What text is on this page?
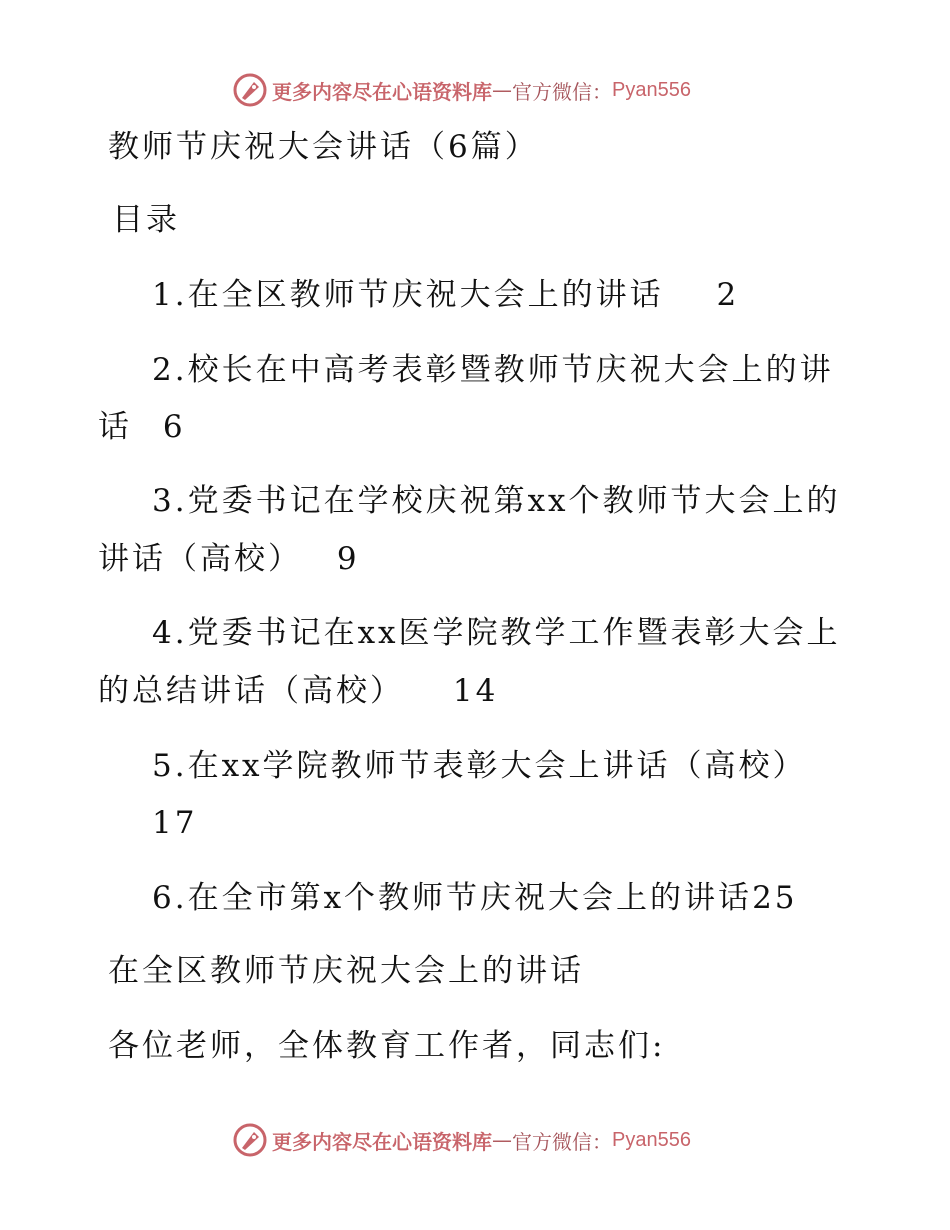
更多内容尽在心语资料库 — 官方微信： Pyan556
教师节庆祝大会讲话（6篇）
目录
1.在全区教师节庆祝大会上的讲话 2
2.校长在中高考表彰暨教师节庆祝大会上的讲
话 6
3.党委书记在学校庆祝第xx个教师节大会上的
讲话（高校） 9
4.党委书记在xx医学院教学工作暨表彰大会上
的总结讲话（高校） 14
5.在xx学院教师节表彰大会上讲话（高校）
17
6.在全市第x个教师节庆祝大会上的讲话25
在全区教师节庆祝大会上的讲话
各位老师，全体教育工作者，同志们:
更多内容尽在心语资料库 — 官方微信： Pyan556
